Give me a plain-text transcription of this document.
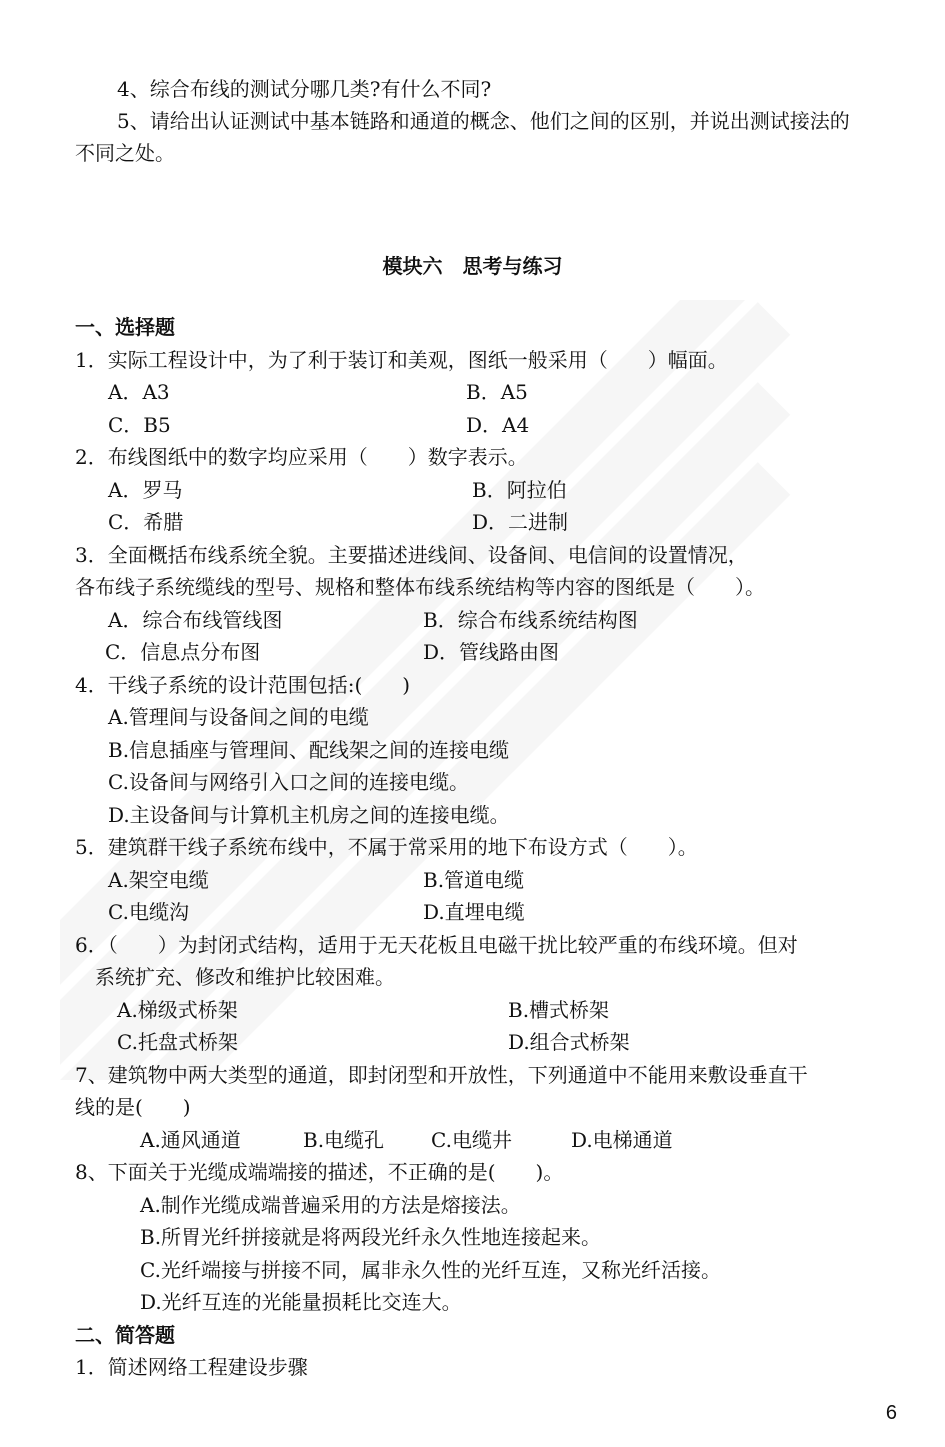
4、综合布线的测试分哪几类?有什么不同?
5、请给出认证测试中基本链路和通道的概念、他们之间的区别，并说出测试接法的
不同之处。
模块六　思考与练习
一、选择题
1．实际工程设计中，为了利于装订和美观，图纸一般采用（　　）幅面。
A．A3	B．A5
C．B5	D．A4
2．布线图纸中的数字均应采用（　　）数字表示。
A．罗马	B．阿拉伯
C．希腊	D．二进制
3．全面概括布线系统全貌。主要描述进线间、设备间、电信间的设置情况，
各布线子系统缆线的型号、规格和整体布线系统结构等内容的图纸是（　　）。
A．综合布线管线图	B．综合布线系统结构图
C．信息点分布图	D．管线路由图
4．干线子系统的设计范围包括:(　　)
A.管理间与设备间之间的电缆
B.信息插座与管理间、配线架之间的连接电缆
C.设备间与网络引入口之间的连接电缆。
D.主设备间与计算机主机房之间的连接电缆。
5．建筑群干线子系统布线中，不属于常采用的地下布设方式（　　）。
A.架空电缆	B.管道电缆
C.电缆沟	D.直埋电缆
6．（　　）为封闭式结构，适用于无天花板且电磁干扰比较严重的布线环境。但对
系统扩充、修改和维护比较困难。
A.梯级式桥架	B.槽式桥架
C.托盘式桥架	D.组合式桥架
7、建筑物中两大类型的通道，即封闭型和开放性，下列通道中不能用来敷设垂直干
线的是(　　)
A.通风通道	B.电缆孔 C.电缆井	D.电梯通道
8、下面关于光缆成端端接的描述，不正确的是(　　)。
A.制作光缆成端普遍采用的方法是熔接法。
B.所胃光纤拼接就是将两段光纤永久性地连接起来。
C.光纤端接与拼接不同，属非永久性的光纤互连，又称光纤活接。
D.光纤互连的光能量损耗比交连大。
二、简答题
1．简述网络工程建设步骤
6
